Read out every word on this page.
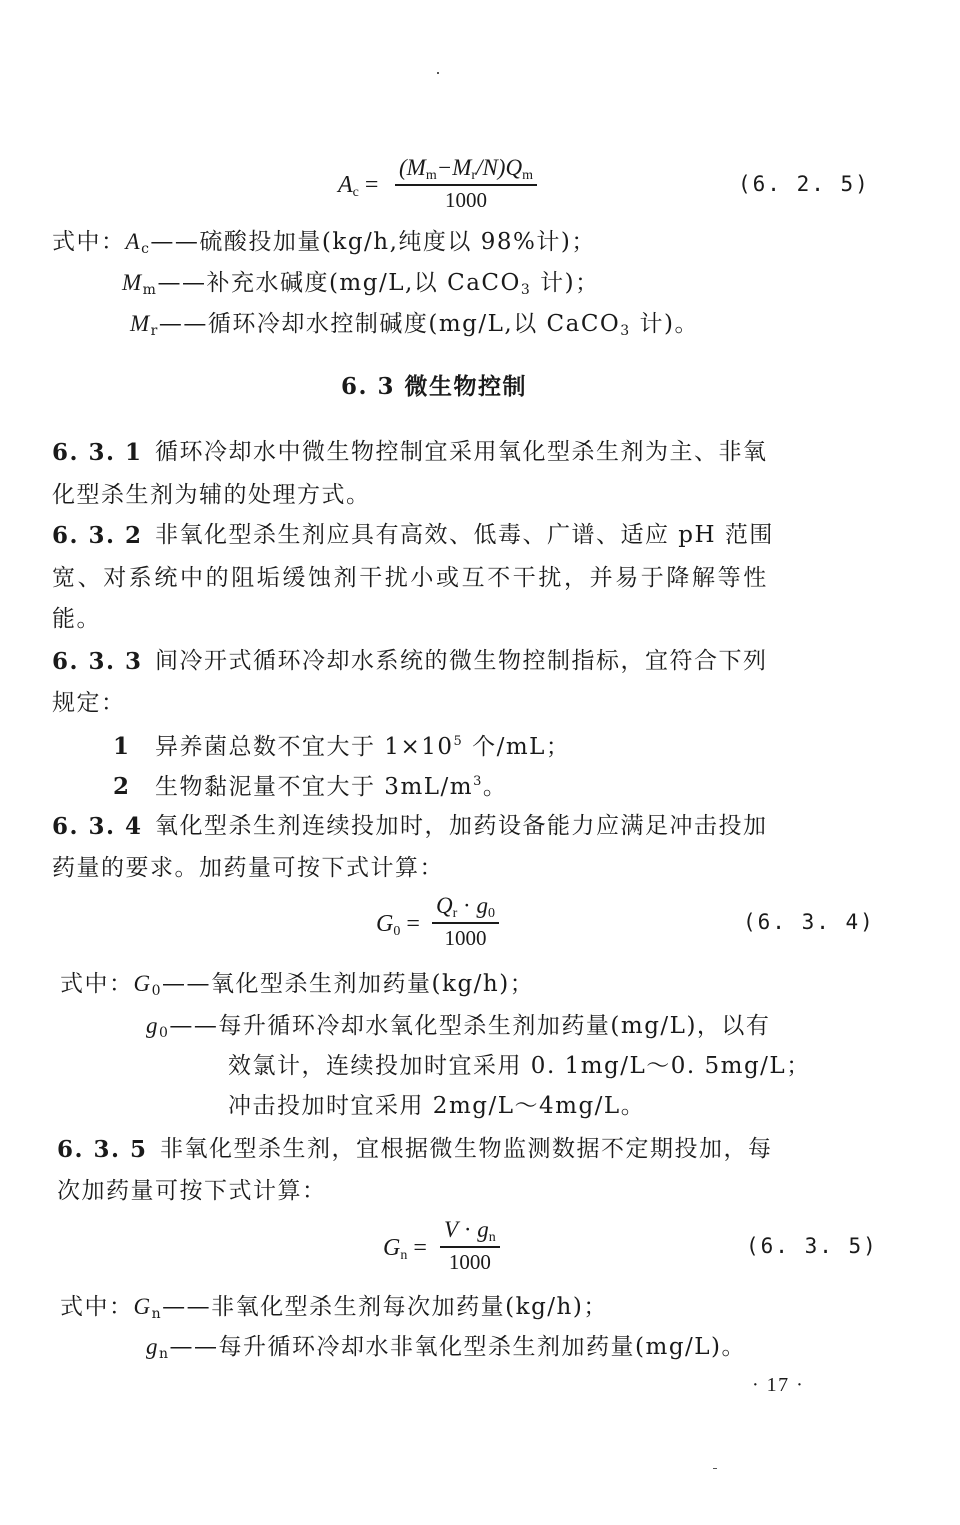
$A_c$ =
$(M_m-M_r/N)Q_m$
1000
(6. 2. 5)
式中：$A_c——$硫酸投加量(kg/h,纯度以 98%计)；
$M_m——$补充水碱度(mg/L,以 CaCO$_3$ 计)；
$M_r——$循环冷却水控制碱度(mg/L,以 CaCO$_3$ 计)。
6. 3 微生物控制
6. 3. 1 循环冷却水中微生物控制宜采用氧化型杀生剂为主、非氧
化型杀生剂为辅的处理方式。
6. 3. 2 非氧化型杀生剂应具有高效、低毒、广谱、适应 pH 范围
宽、对系统中的阻垢缓蚀剂干扰小或互不干扰，并易于降解等性
能。
6. 3. 3 间冷开式循环冷却水系统的微生物控制指标，宜符合下列
规定：
1 异养菌总数不宜大于 $1\times 10^5$ 个/mL；
2 生物黏泥量不宜大于 $3mL/m^3$。
6. 3. 4 氧化型杀生剂连续投加时，加药设备能力应满足冲击投加
药量的要求。加药量可按下式计算：
$G_0$ =
$Q_r \cdot g_0$
1000
(6. 3. 4)
式中：$G_0——$氧化型杀生剂加药量(kg/h)；
$g_0——$每升循环冷却水氧化型杀生剂加药量(mg/L)，以有
效氯计，连续投加时宜采用 0. 1mg/L～0. 5mg/L；
冲击投加时宜采用 2mg/L～4mg/L。
6. 3. 5 非氧化型杀生剂，宜根据微生物监测数据不定期投加，每
次加药量可按下式计算：
$G_n$ =
$V \cdot g_n$
1000
(6. 3. 5)
式中：$G_n——$非氧化型杀生剂每次加药量(kg/h)；
$g_n——$每升循环冷却水非氧化型杀生剂加药量(mg/L)。
· 17 ·
